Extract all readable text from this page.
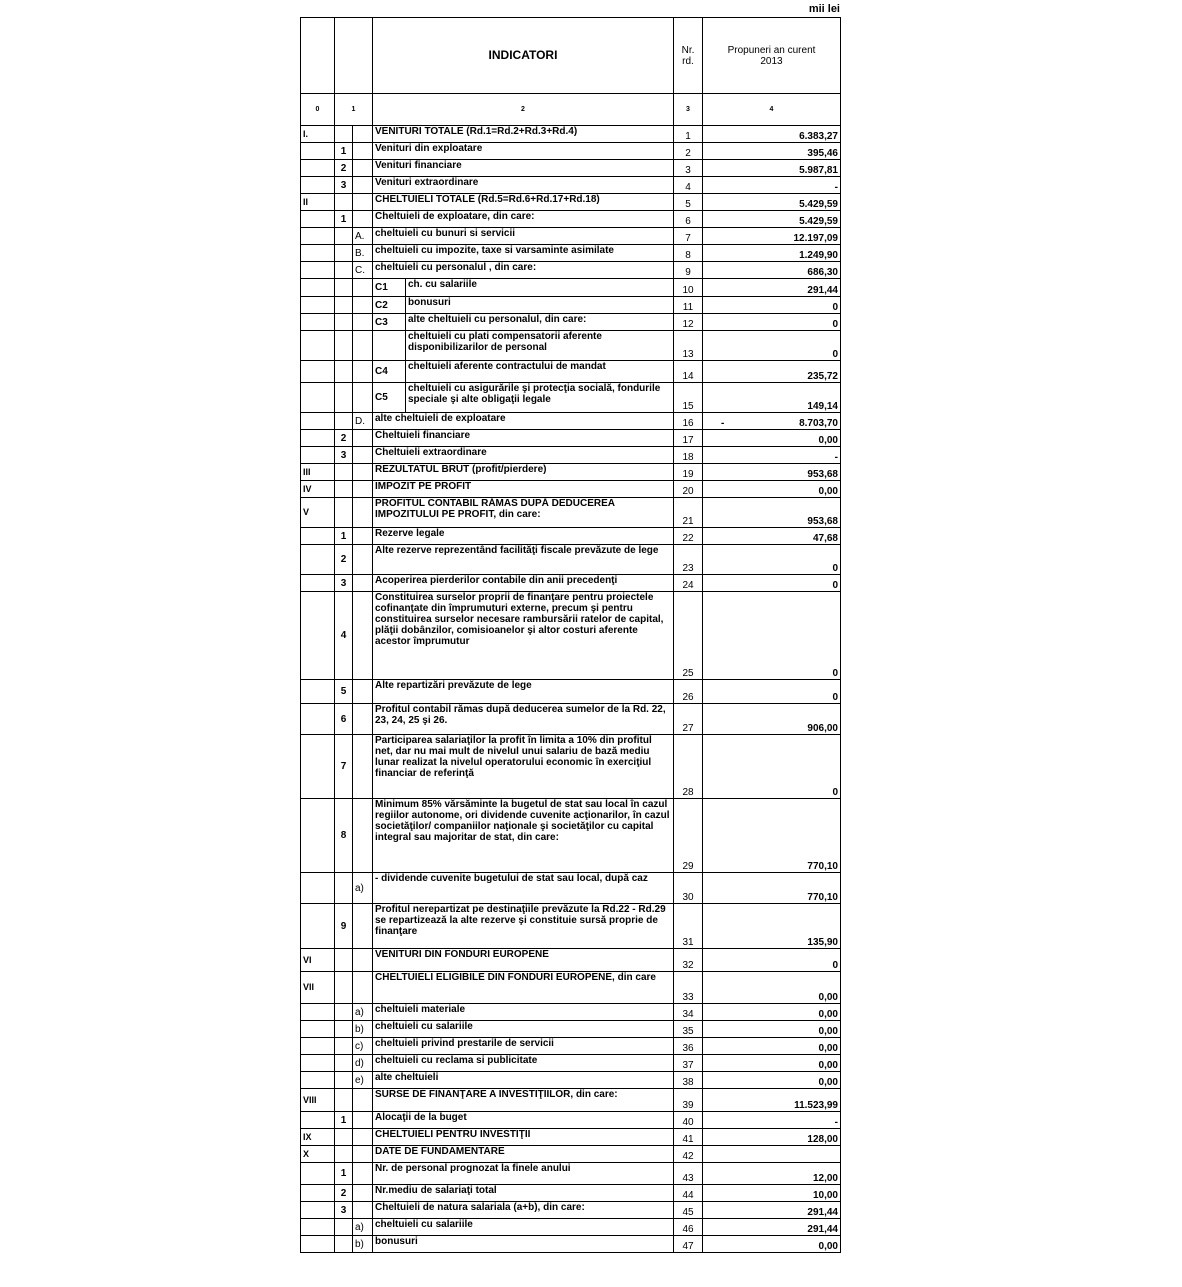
mii lei
			INDICATORI		Nr. rd.	Propuneri an curent 2013
0	1		2		3	4
I.			VENITURI TOTALE (Rd.1=Rd.2+Rd.3+Rd.4)		1	6.383,27
	1		Venituri din exploatare		2	395,46
	2		Venituri financiare		3	5.987,81
	3		Venituri extraordinare		4	-
II			CHELTUIELI TOTALE (Rd.5=Rd.6+Rd.17+Rd.18)		5	5.429,59
	1		Cheltuieli de exploatare, din care:		6	5.429,59
		A.	cheltuieli cu bunuri si servicii		7	12.197,09
		B.	cheltuieli cu impozite, taxe si varsaminte asimilate		8	1.249,90
		C.	cheltuieli cu personalul , din care:		9	686,30
			C1	ch. cu salariile	10	291,44
			C2	bonusuri	11	0
			C3	alte cheltuieli cu personalul, din care:	12	0
				cheltuieli cu plati compensatorii aferente disponibilizarilor de personal	13	0
			C4	cheltuieli aferente contractului de mandat	14	235,72
			C5	cheltuieli cu asigurările şi protecţia socială, fondurile speciale şi alte obligaţii legale	15	149,14
		D.	alte cheltuieli de exploatare		16	- 8.703,70
	2		Cheltuieli financiare		17	0,00
	3		Cheltuieli extraordinare		18	-
III			REZULTATUL BRUT (profit/pierdere)		19	953,68
IV			IMPOZIT PE PROFIT		20	0,00
V			PROFITUL CONTABIL RĂMAS DUPĂ DEDUCEREA IMPOZITULUI PE PROFIT, din care:		21	953,68
	1		Rezerve legale		22	47,68
	2		Alte rezerve reprezentând facilităţi fiscale prevăzute de lege		23	0
	3		Acoperirea pierderilor contabile din anii precedenţi		24	0
	4		Constituirea surselor proprii de finanţare pentru proiectele cofinanţate din împrumuturi externe, precum şi pentru constituirea surselor necesare rambursării ratelor de capital, plăţii dobânzilor, comisioanelor şi altor costuri aferente acestor împrumutur		25	0
	5		Alte repartizări prevăzute de lege		26	0
	6		Profitul contabil rămas după deducerea sumelor de la Rd. 22, 23, 24, 25 şi 26.		27	906,00
	7		Participarea salariaţilor la profit în limita a 10% din profitul net, dar nu mai mult de nivelul unui salariu de bază mediu lunar realizat la nivelul operatorului economic în exerciţiul financiar de referinţă		28	0
	8		Minimum 85% vărsăminte la bugetul de stat sau local în cazul regiilor autonome, ori dividende cuvenite acţionarilor, în cazul societăţilor/ companiilor naţionale şi societăţilor cu capital integral sau majoritar de stat, din care:		29	770,10
		a)	- dividende cuvenite bugetului de stat sau local, după caz		30	770,10
	9		Profitul nerepartizat pe destinaţiile prevăzute la Rd.22 - Rd.29 se repartizează la alte rezerve şi constituie sursă proprie de finanţare		31	135,90
VI			VENITURI DIN FONDURI EUROPENE		32	0
VII			CHELTUIELI ELIGIBILE DIN FONDURI EUROPENE, din care		33	0,00
		a)	cheltuieli materiale		34	0,00
		b)	cheltuieli cu salariile		35	0,00
		c)	cheltuieli privind prestarile de servicii		36	0,00
		d)	cheltuieli cu reclama si publicitate		37	0,00
		e)	alte cheltuieli		38	0,00
VIII			SURSE DE FINANŢARE A INVESTIŢIILOR, din care:		39	11.523,99
	1		Alocaţii de la buget		40	-
IX			CHELTUIELI PENTRU INVESTIŢII		41	128,00
X			DATE DE FUNDAMENTARE		42	
	1		Nr. de personal prognozat la finele anului		43	12,00
	2		Nr.mediu de salariaţi total		44	10,00
	3		Cheltuieli de natura salariala (a+b), din care:		45	291,44
		a)	cheltuieli cu salariile		46	291,44
		b)	bonusuri		47	0,00
